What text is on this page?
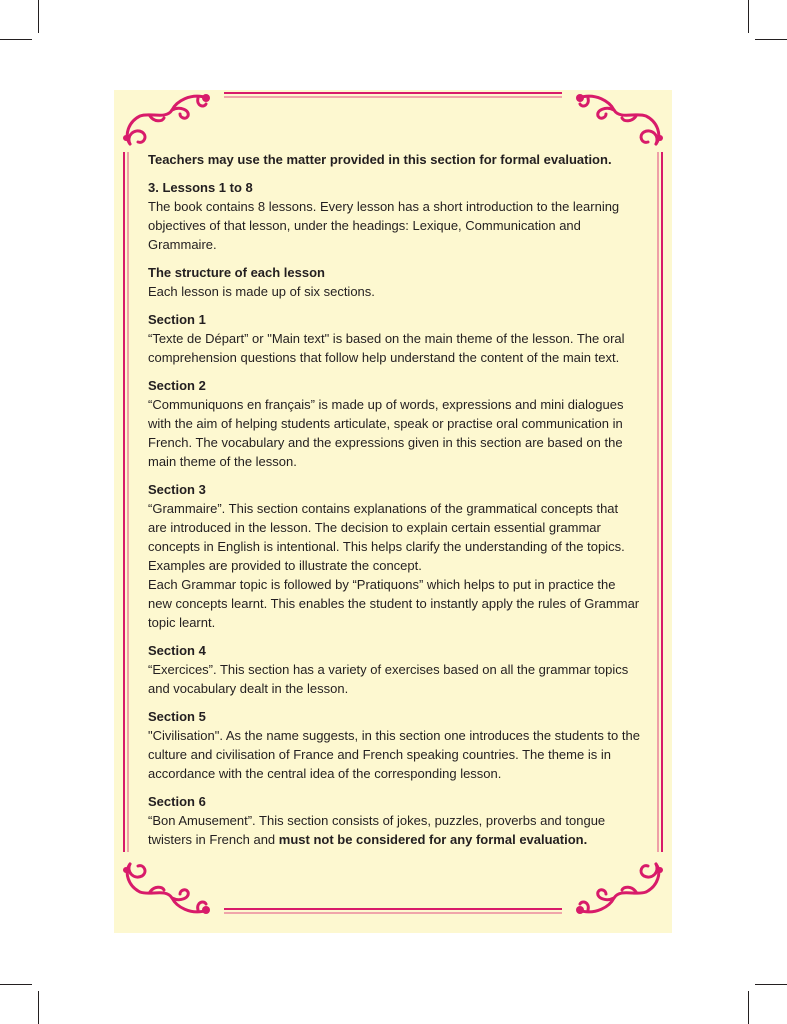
Teachers may use the matter provided in this section for formal evaluation.

3. Lessons 1 to 8

The book contains 8 lessons. Every lesson has a short introduction to the learning objectives of that lesson, under the headings: Lexique, Communication and Grammaire.

The structure of each lesson

Each lesson is made up of six sections.

Section 1

“Texte de Départ” or "Main text" is based on the main theme of the lesson. The oral comprehension questions that follow help understand the content of the main text.

Section 2

“Communiquons en français” is made up of words, expressions and mini dialogues with the aim of helping students articulate, speak or practise oral communication in French. The vocabulary and the expressions given in this section are based on the main theme of the lesson.

Section 3

“Grammaire”. This section contains explanations of the grammatical concepts that are introduced in the lesson. The decision to explain certain essential grammar concepts in English is intentional. This helps clarify the understanding of the topics. Examples are provided to illustrate the concept.

Each Grammar topic is followed by “Pratiquons” which helps to put in practice the new concepts learnt. This enables the student to instantly apply the rules of Grammar topic learnt.

Section 4

“Exercices”. This section has a variety of exercises based on all the grammar topics and vocabulary dealt in the lesson.

Section 5

"Civilisation". As the name suggests, in this section one introduces the students to the culture and civilisation of France and French speaking countries. The theme is in accordance with the central idea of the corresponding lesson.

Section 6

“Bon Amusement”. This section consists of jokes, puzzles, proverbs and tongue twisters in French and must not be considered for any formal evaluation.
